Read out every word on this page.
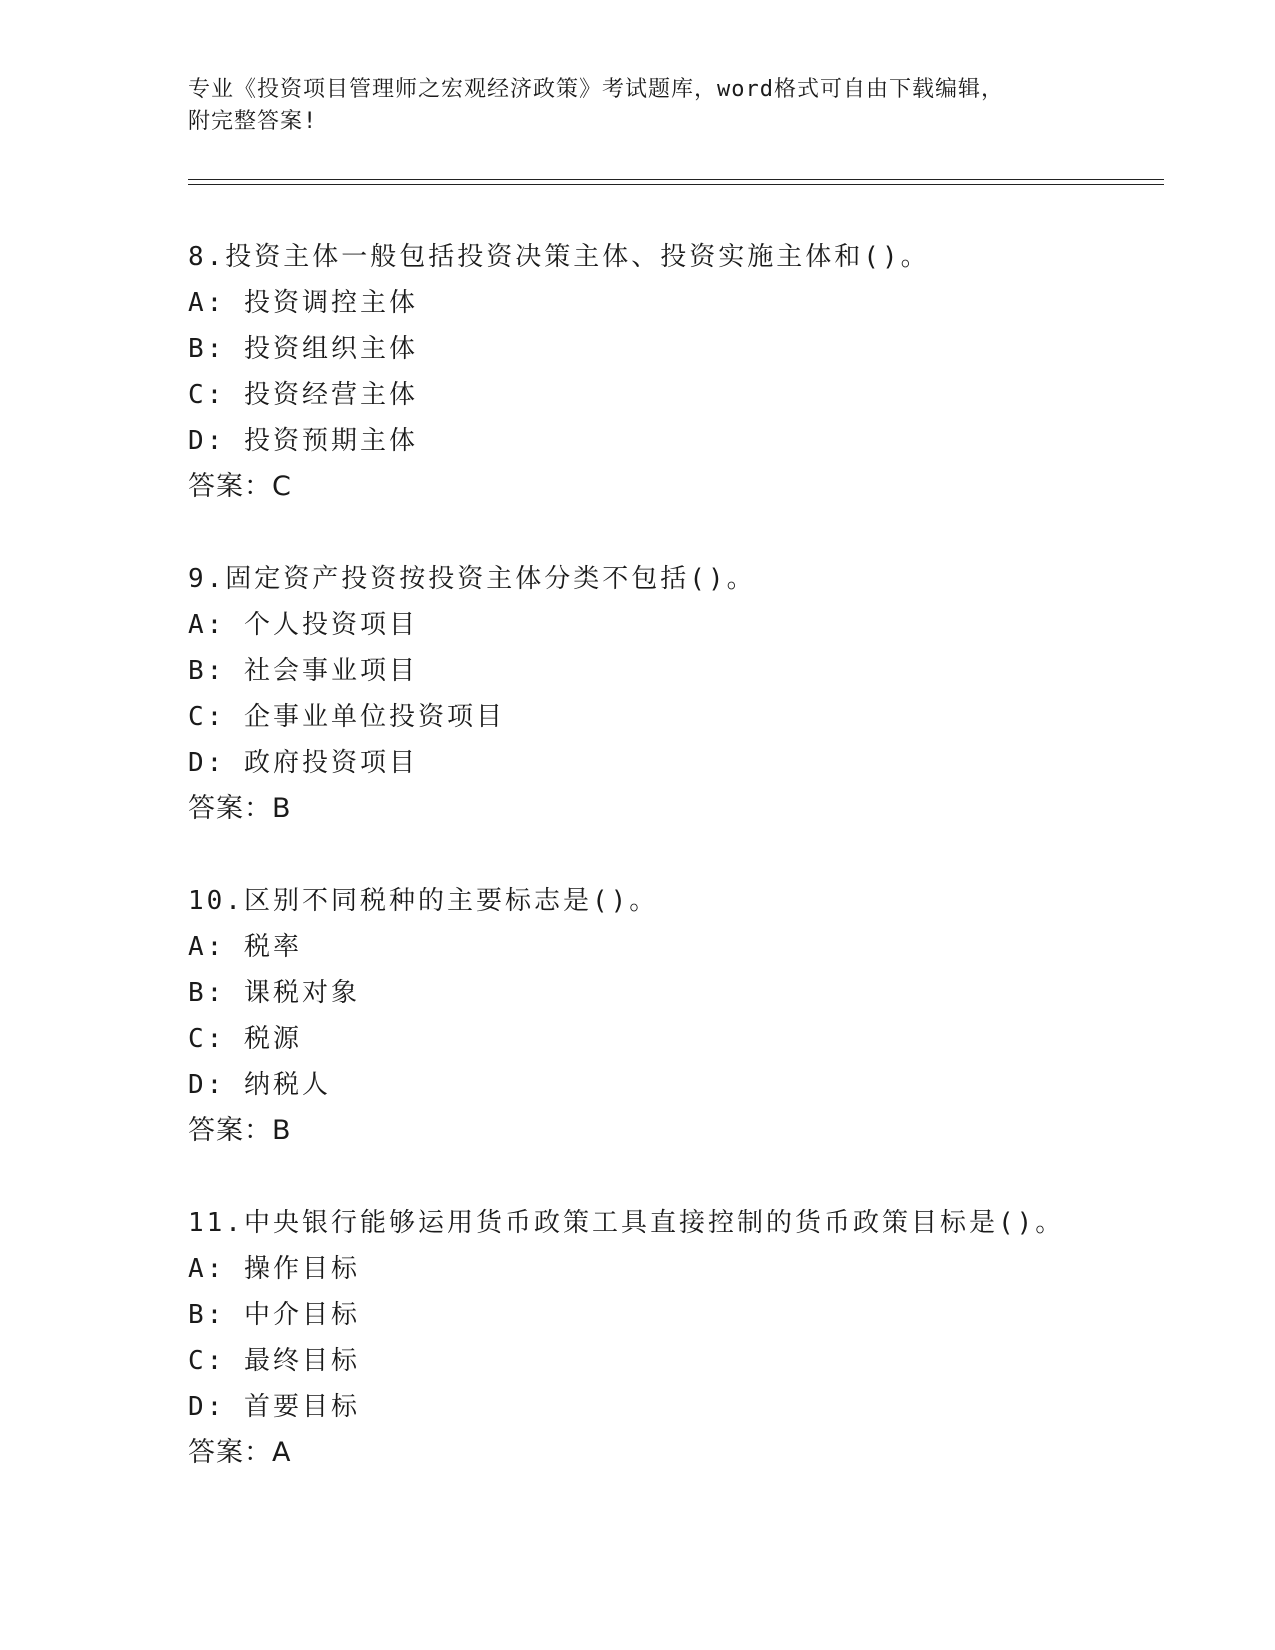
专业《投资项目管理师之宏观经济政策》考试题库，word格式可自由下载编辑，
附完整答案!
8.投资主体一般包括投资决策主体、投资实施主体和()。
A: 投资调控主体
B: 投资组织主体
C: 投资经营主体
D: 投资预期主体
答案：C
9.固定资产投资按投资主体分类不包括()。
A: 个人投资项目
B: 社会事业项目
C: 企事业单位投资项目
D: 政府投资项目
答案：B
10.区别不同税种的主要标志是()。
A: 税率
B: 课税对象
C: 税源
D: 纳税人
答案：B
11.中央银行能够运用货币政策工具直接控制的货币政策目标是()。
A: 操作目标
B: 中介目标
C: 最终目标
D: 首要目标
答案：A
